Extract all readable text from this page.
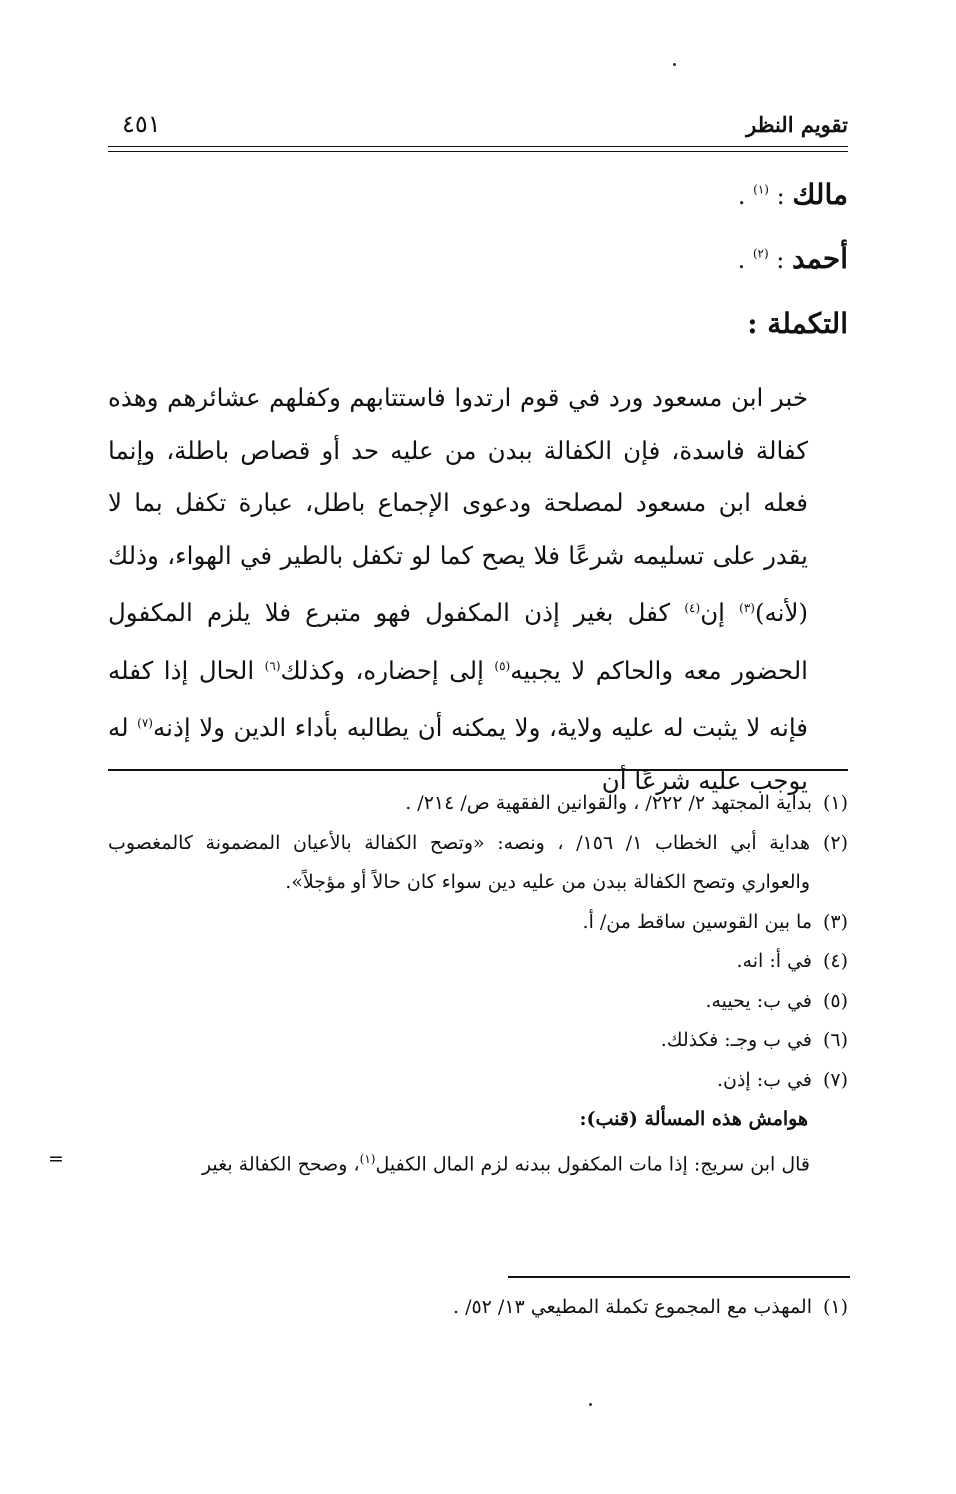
تقويم النظر
٤٥١
مالك : $^{(١)}$ .
أحمد : $^{(٢)}$ .
التكملة :

خبر ابن مسعود ورد في قوم ارتدوا فاستتابهم وكفلهم عشائرهم وهذه كفالة فاسدة، فإن الكفالة ببدن من عليه حد أو قصاص باطلة، وإنما فعله ابن مسعود لمصلحة ودعوى الإجماع باطل، عبارة تكفل بما لا يقدر على تسليمه شرعًا فلا يصح كما لو تكفل بالطير في الهواء، وذلك (لأنه)$^{(٣)}$ إن$^{(٤)}$ كفل بغير إذن المكفول فهو متبرع فلا يلزم المكفول الحضور معه والحاكم لا يجبيه$^{(٥)}$ إلى إحضاره، وكذلك$^{(٦)}$ الحال إذا كفله فإنه لا يثبت له عليه ولاية، ولا يمكنه أن يطالبه بأداء الدين ولا إذنه$^{(٧)}$ له يوجب عليه شرعًا أن

(١)بداية المجتهد ٢/ ٢٢٢/ ، والقوانين الفقهية ص/ ٢١٤/ .

(٢)
هداية أبي الخطاب ١/ ١٥٦/ ، ونصه: «وتصح الكفالة بالأعيان المضمونة كالمغصوب والعواري وتصح الكفالة ببدن من عليه دين سواء كان حالاً أو مؤجلاً».

(٣)ما بين القوسين ساقط من/ أ.

(٤)في أ: انه.

(٥)في ب: يحييه.

(٦)في ب وجـ: فكذلك.

(٧)في ب: إذن.

هوامش هذه المسألة (قنب):

قال ابن سريج: إذا مات المكفول ببدنه لزم المال الكفيل$^{(١)}$، وصحح الكفالة بغير
=

(١)المهذب مع المجموع تكملة المطيعي ١٣/ ٥٢/ .
